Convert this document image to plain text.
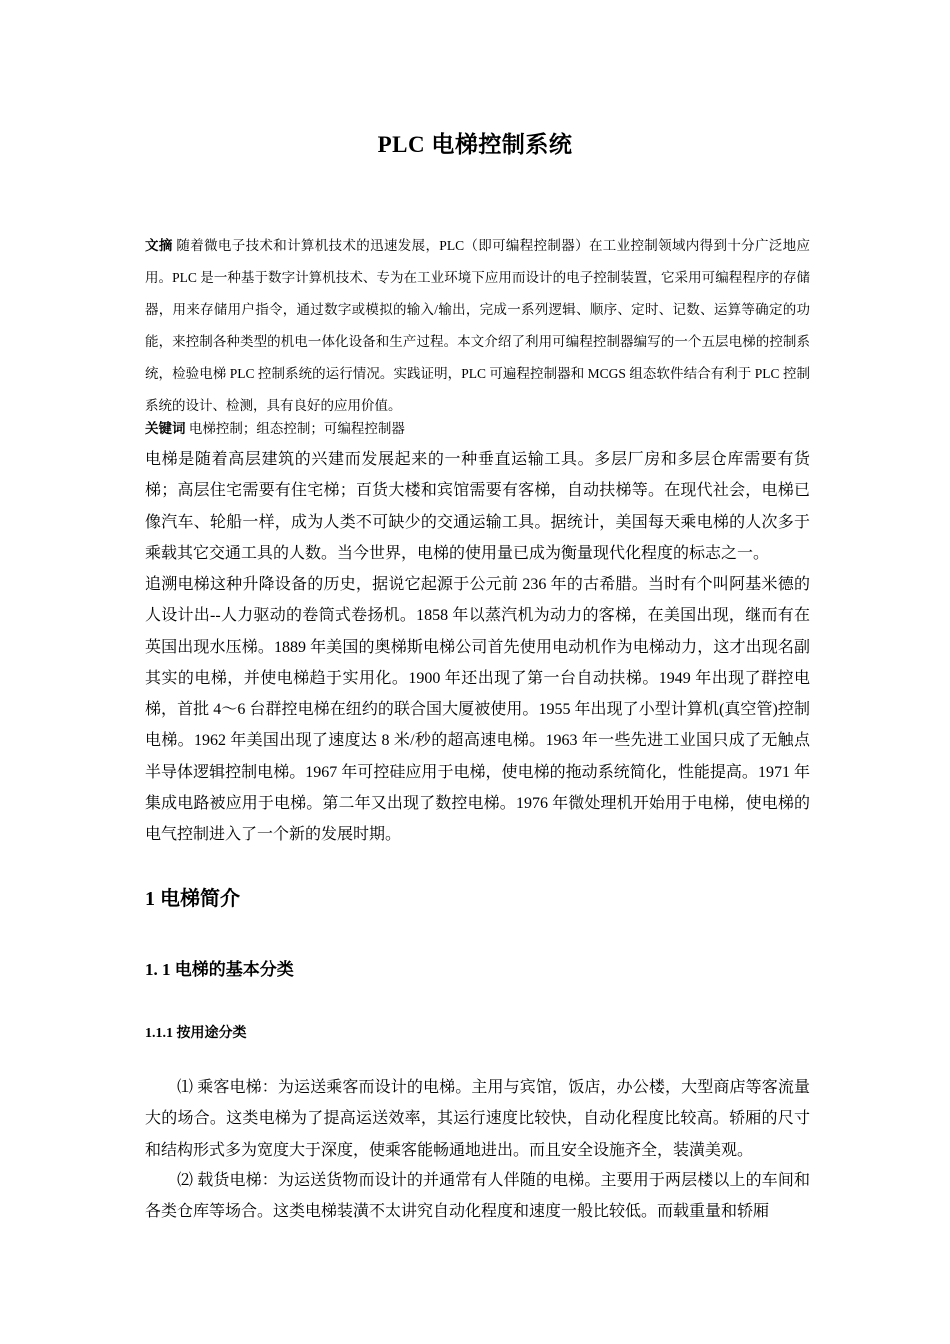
PLC 电梯控制系统
文摘 随着微电子技术和计算机技术的迅速发展，PLC（即可编程控制器）在工业控制领域内得到十分广泛地应用。PLC 是一种基于数字计算机技术、专为在工业环境下应用而设计的电子控制装置，它采用可编程程序的存储器，用来存储用户指令，通过数字或模拟的输入/输出，完成一系列逻辑、顺序、定时、记数、运算等确定的功能，来控制各种类型的机电一体化设备和生产过程。本文介绍了利用可编程控制器编写的一个五层电梯的控制系统，检验电梯 PLC 控制系统的运行情况。实践证明，PLC 可遍程控制器和 MCGS 组态软件结合有利于 PLC 控制系统的设计、检测，具有良好的应用价值。
关键词 电梯控制；组态控制；可编程控制器

电梯是随着高层建筑的兴建而发展起来的一种垂直运输工具。多层厂房和多层仓库需要有货梯；高层住宅需要有住宅梯；百货大楼和宾馆需要有客梯，自动扶梯等。在现代社会，电梯已像汽车、轮船一样，成为人类不可缺少的交通运输工具。据统计，美国每天乘电梯的人次多于乘载其它交通工具的人数。当今世界，电梯的使用量已成为衡量现代化程度的标志之一。

追溯电梯这种升降设备的历史，据说它起源于公元前 236 年的古希腊。当时有个叫阿基米德的人设计出--人力驱动的卷筒式卷扬机。1858 年以蒸汽机为动力的客梯，在美国出现，继而有在英国出现水压梯。1889 年美国的奥梯斯电梯公司首先使用电动机作为电梯动力，这才出现名副其实的电梯，并使电梯趋于实用化。1900 年还出现了第一台自动扶梯。1949 年出现了群控电梯，首批 4～6 台群控电梯在纽约的联合国大厦被使用。1955 年出现了小型计算机(真空管)控制电梯。1962 年美国出现了速度达 8 米/秒的超高速电梯。1963 年一些先进工业国只成了无触点半导体逻辑控制电梯。1967 年可控硅应用于电梯，使电梯的拖动系统简化，性能提高。1971 年集成电路被应用于电梯。第二年又出现了数控电梯。1976 年微处理机开始用于电梯，使电梯的电气控制进入了一个新的发展时期。

1 电梯简介
1. 1 电梯的基本分类
1.1.1 按用途分类

⑴ 乘客电梯：为运送乘客而设计的电梯。主用与宾馆，饭店，办公楼，大型商店等客流量大的场合。这类电梯为了提高运送效率，其运行速度比较快，自动化程度比较高。轿厢的尺寸和结构形式多为宽度大于深度，使乘客能畅通地进出。而且安全设施齐全，装潢美观。

⑵ 载货电梯：为运送货物而设计的并通常有人伴随的电梯。主要用于两层楼以上的车间和各类仓库等场合。这类电梯装潢不太讲究自动化程度和速度一般比较低。而载重量和轿厢
